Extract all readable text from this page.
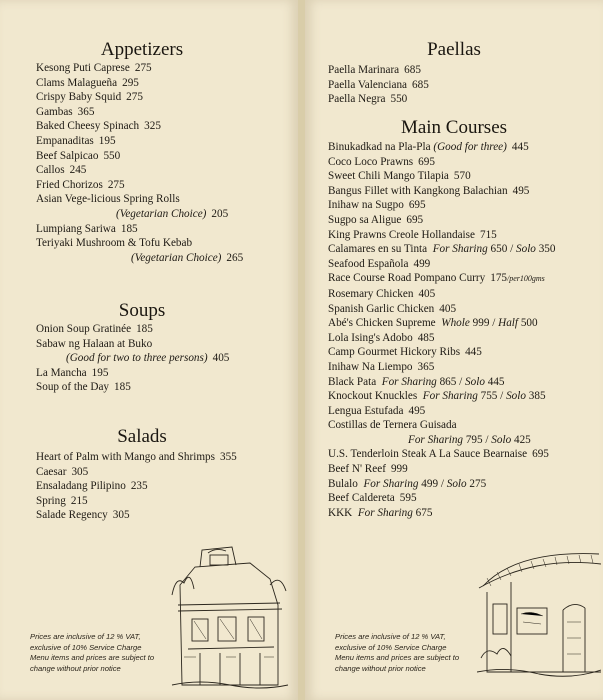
Appetizers
Kesong Puti Caprese 275
Clams Malagueña 295
Crispy Baby Squid 275
Gambas 365
Baked Cheesy Spinach 325
Empanaditas 195
Beef Salpicao 550
Callos 245
Fried Chorizos 275
Asian Vege-licious Spring Rolls
(Vegetarian Choice) 205
Lumpiang Sariwa 185
Teriyaki Mushroom & Tofu Kebab
(Vegetarian Choice) 265
Soups
Onion Soup Gratinée 185
Sabaw ng Halaan at Buko
(Good for two to three persons) 405
La Mancha 195
Soup of the Day 185
Salads
Heart of Palm with Mango and Shrimps 355
Caesar 305
Ensaladang Pilipino 235
Spring 215
Salade Regency 305
Prices are inclusive of 12 % VAT,
exclusive of 10% Service Charge
Menu items and prices are subject to
change without prior notice
Paellas
Paella Marinara 685
Paella Valenciana 685
Paella Negra 550
Main Courses
Binukadkad na Pla-Pla (Good for three) 445
Coco Loco Prawns 695
Sweet Chili Mango Tilapia 570
Bangus Fillet with Kangkong Balachian 495
Inihaw na Sugpo 695
Sugpo sa Aligue 695
King Prawns Creole Hollandaise 715
Calamares en su Tinta For Sharing 650 / Solo 350
Seafood Española 499
Race Course Road Pompano Curry 175/per100gms
Rosemary Chicken 405
Spanish Garlic Chicken 405
Abé's Chicken Supreme Whole 999 / Half 500
Lola Ising's Adobo 485
Camp Gourmet Hickory Ribs 445
Inihaw Na Liempo 365
Black Pata For Sharing 865 / Solo 445
Knockout Knuckles For Sharing 755 / Solo 385
Lengua Estufada 495
Costillas de Ternera Guisada
For Sharing 795 / Solo 425
U.S. Tenderloin Steak A La Sauce Bearnaise 695
Beef N' Reef 999
Bulalo For Sharing 499 / Solo 275
Beef Caldereta 595
KKK For Sharing 675
Prices are inclusive of 12 % VAT,
exclusive of 10% Service Charge
Menu items and prices are subject to
change without prior notice
